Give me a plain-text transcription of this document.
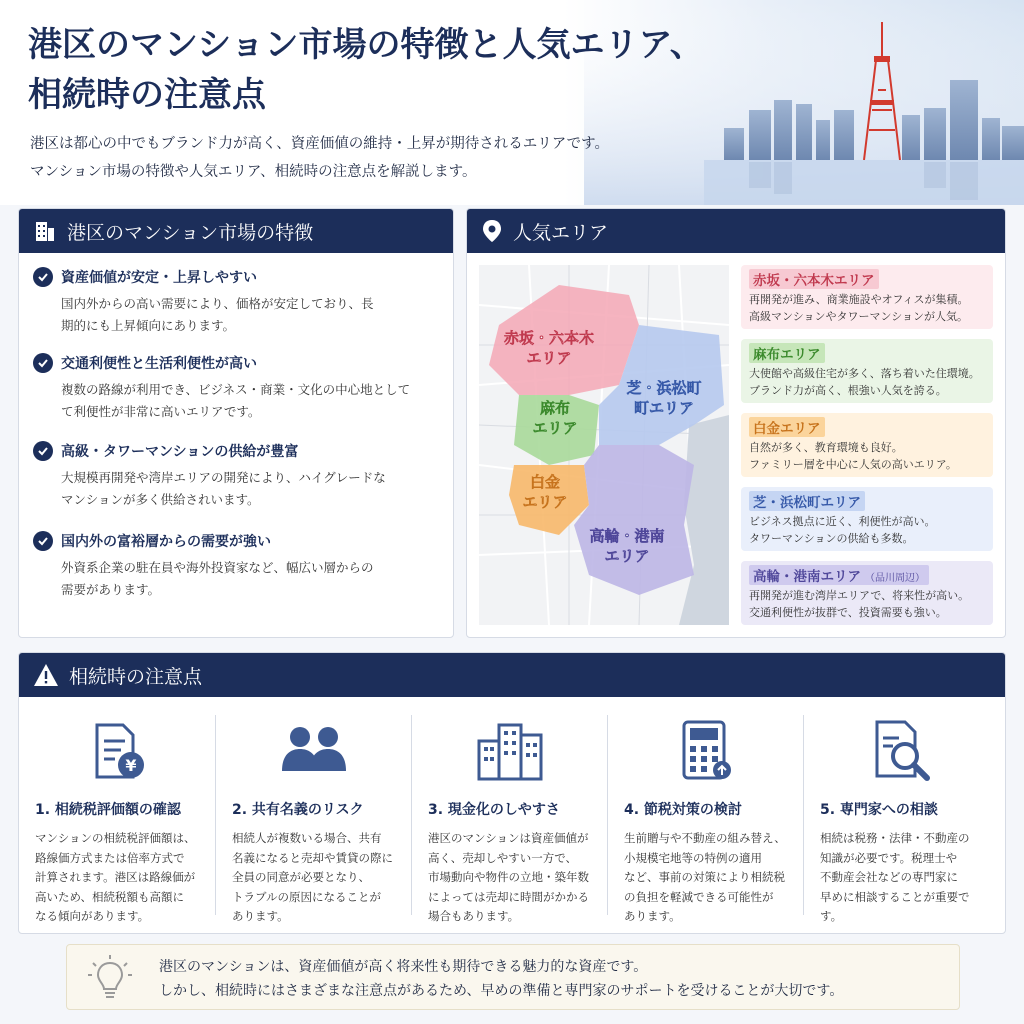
港区のマンション市場の特徴と人気エリア、
相続時の注意点
港区は都心の中でもブランド力が高く、資産価値の維持・上昇が期待されるエリアです。
マンション市場の特徴や人気エリア、相続時の注意点を解説します。
港区のマンション市場の特徴
資産価値が安定・上昇しやすい
国内外からの高い需要により、価格が安定しており、長
期的にも上昇傾向にあります。
交通利便性と生活利便性が高い
複数の路線が利用でき、ビジネス・商業・文化の中心地として
て利便性が非常に高いエリアです。
高級・タワーマンションの供給が豊富
大規模再開発や湾岸エリアの開発により、ハイグレードな
マンションが多く供給されいます。
国内外の富裕層からの需要が強い
外資系企業の駐在員や海外投資家など、幅広い層からの
需要があります。
人気エリア
赤坂・六本木
エリア
麻布
エリア
芝・浜松町
町エリア
白金
エリア
高輪・港南
エリア
赤坂・六本木エリア
再開発が進み、商業施設やオフィスが集積。
高級マンションやタワーマンションが人気。
麻布エリア
大使館や高級住宅が多く、落ち着いた住環境。
ブランド力が高く、根強い人気を誇る。
白金エリア
自然が多く、教育環境も良好。
ファミリー層を中心に人気の高いエリア。
芝・浜松町エリア
ビジネス拠点に近く、利便性が高い。
タワーマンションの供給も多数。
高輪・港南エリア （品川周辺）
再開発が進む湾岸エリアで、将来性が高い。
交通利便性が抜群で、投資需要も強い。
相続時の注意点
¥
1. 相続税評価額の確認
マンションの相続税評価額は、
路線価方式または倍率方式で
計算されます。港区は路線価が
高いため、相続税額も高額に
なる傾向があります。
2. 共有名義のリスク
相続人が複数いる場合、共有
名義になると売却や賃貸の際に
全員の同意が必要となり、
トラブルの原因になることが
あります。
3. 現金化のしやすさ
港区のマンションは資産価値が
高く、売却しやすい一方で、
市場動向や物件の立地・築年数
によっては売却に時間がかかる
場合もあります。
4. 節税対策の検討
生前贈与や不動産の組み替え、
小規模宅地等の特例の適用
など、事前の対策により相続税
の負担を軽減できる可能性が
あります。
5. 専門家への相談
相続は税務・法律・不動産の
知識が必要です。税理士や
不動産会社などの専門家に
早めに相談することが重要です。
港区のマンションは、資産価値が高く将来性も期待できる魅力的な資産です。
しかし、相続時にはさまざまな注意点があるため、早めの準備と専門家のサポートを受けることが大切です。
